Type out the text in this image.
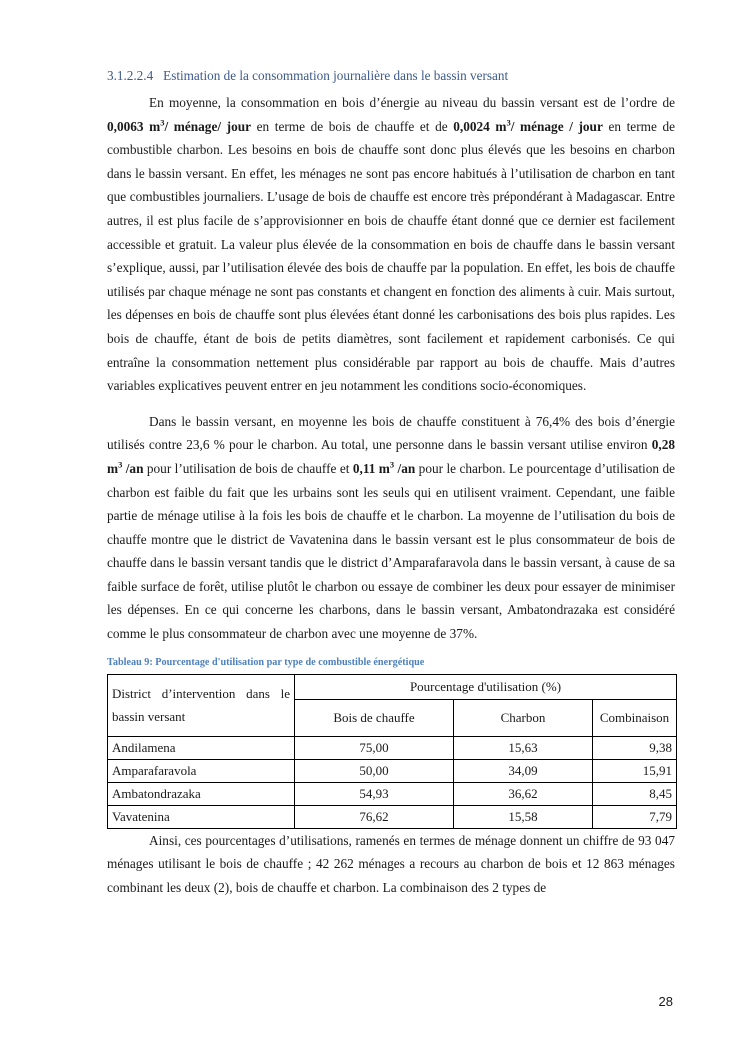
3.1.2.2.4 Estimation de la consommation journalière dans le bassin versant

En moyenne, la consommation en bois d’énergie au niveau du bassin versant est de l’ordre de 0,0063 $m^3/$ ménage/ jour en terme de bois de chauffe et de 0,0024 $m^3/$ ménage / jour en terme de combustible charbon. Les besoins en bois de chauffe sont donc plus élevés que les besoins en charbon dans le bassin versant. En effet, les ménages ne sont pas encore habitués à l’utilisation de charbon en tant que combustibles journaliers. L’usage de bois de chauffe est encore très prépondérant à Madagascar. Entre autres, il est plus facile de s’approvisionner en bois de chauffe étant donné que ce dernier est facilement accessible et gratuit. La valeur plus élevée de la consommation en bois de chauffe dans le bassin versant s’explique, aussi, par l’utilisation élevée des bois de chauffe par la population. En effet, les bois de chauffe utilisés par chaque ménage ne sont pas constants et changent en fonction des aliments à cuir. Mais surtout, les dépenses en bois de chauffe sont plus élevées étant donné les carbonisations des bois plus rapides. Les bois de chauffe, étant de bois de petits diamètres, sont facilement et rapidement carbonisés. Ce qui entraîne la consommation nettement plus considérable par rapport au bois de chauffe. Mais d’autres variables explicatives peuvent entrer en jeu notamment les conditions socio-économiques.

Dans le bassin versant, en moyenne les bois de chauffe constituent à 76,4% des bois d’énergie utilisés contre 23,6 % pour le charbon. Au total, une personne dans le bassin versant utilise environ 0,28 $m^3$ /an pour l’utilisation de bois de chauffe et 0,11 $m^3$ /an pour le charbon. Le pourcentage d’utilisation de charbon est faible du fait que les urbains sont les seuls qui en utilisent vraiment. Cependant, une faible partie de ménage utilise à la fois les bois de chauffe et le charbon. La moyenne de l’utilisation du bois de chauffe montre que le district de Vavatenina dans le bassin versant est le plus consommateur de bois de chauffe dans le bassin versant tandis que le district d’Amparafaravola dans le bassin versant, à cause de sa faible surface de forêt, utilise plutôt le charbon ou essaye de combiner les deux pour essayer de minimiser les dépenses. En ce qui concerne les charbons, dans le bassin versant, Ambatondrazaka est considéré comme le plus consommateur de charbon avec une moyenne de 37%.

Tableau 9: Pourcentage d'utilisation par type de combustible énergétique
District d’intervention dans le bassin versant	Pourcentage d'utilisation (%)		
	Bois de chauffe	Charbon	Combinaison
Andilamena	75,00	15,63	9,38
Amparafaravola	50,00	34,09	15,91
Ambatondrazaka	54,93	36,62	8,45
Vavatenina	76,62	15,58	7,79

Ainsi, ces pourcentages d’utilisations, ramenés en termes de ménage donnent un chiffre de 93 047 ménages utilisant le bois de chauffe ; 42 262 ménages a recours au charbon de bois et 12 863 ménages combinant les deux (2), bois de chauffe et charbon. La combinaison des 2 types de

28
